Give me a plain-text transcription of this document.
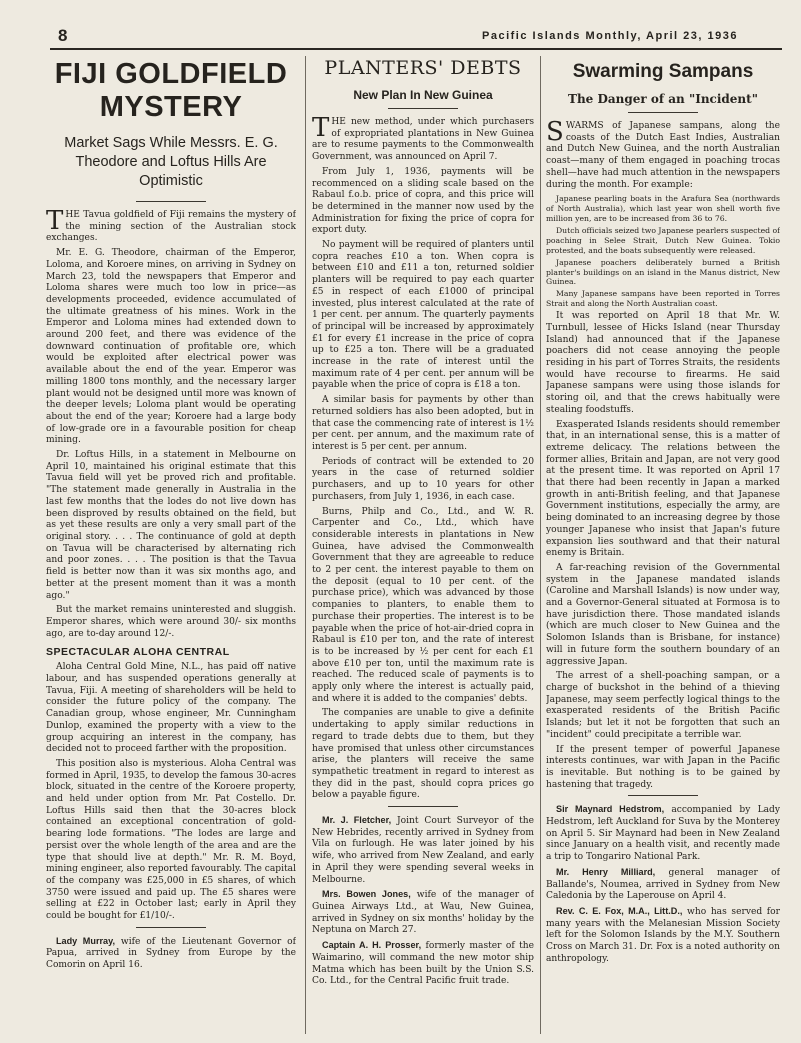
8	Pacific Islands Monthly, April 23, 1936
FIJI GOLDFIELD MYSTERY
Market Sags While Messrs. E. G. Theodore and Loftus Hills Are Optimistic

THE Tavua goldfield of Fiji remains the mystery of the mining section of the Australian stock exchanges.

Mr. E. G. Theodore, chairman of the Emperor, Loloma, and Koroere mines, on arriving in Sydney on March 23, told the newspapers that Emperor and Loloma shares were much too low in price—as developments proceeded, evidence accumulated of the ultimate greatness of his mines. Work in the Emperor and Loloma mines had extended down to around 200 feet, and there was evidence of the downward continuation of profitable ore, which would be exploited after electrical power was available about the end of the year. Emperor was milling 1800 tons monthly, and the necessary larger plant would not be designed until more was known of the deeper levels; Loloma plant would be operating about the end of the year; Koroere had a large body of low-grade ore in a favourable position for cheap mining.

Dr. Loftus Hills, in a statement in Melbourne on April 10, maintained his original estimate that this Tavua field will yet be proved rich and profitable. "The statement made generally in Australia in the last few months that the lodes do not live down has been disproved by results obtained on the field, but as yet these results are only a very small part of the original story. . . . The continuance of gold at depth on Tavua will be characterised by alternating rich and poor zones. . . . The position is that the Tavua field is better now than it was six months ago, and better at the present moment than it was a month ago."

But the market remains uninterested and sluggish. Emperor shares, which were around 30/- six months ago, are to-day around 12/-.

SPECTACULAR ALOHA CENTRAL

Aloha Central Gold Mine, N.L., has paid off native labour, and has suspended operations generally at Tavua, Fiji. A meeting of shareholders will be held to consider the future policy of the company. The Canadian group, whose engineer, Mr. Cunningham Dunlop, examined the property with a view to the group acquiring an interest in the company, has decided not to proceed farther with the proposition.

This position also is mysterious. Aloha Central was formed in April, 1935, to develop the famous 30-acres block, situated in the centre of the Koroere property, and held under option from Mr. Pat Costello. Dr. Loftus Hills said then that the 30-acres block contained an exceptional concentration of gold-bearing lode formations. "The lodes are large and persist over the whole length of the area and are the type that should live at depth." Mr. R. M. Boyd, mining engineer, also reported favourably. The capital of the company was £25,000 in £5 shares, of which 3750 were issued and paid up. The £5 shares were selling at £22 in October last; early in April they could be bought for £1/10/-.

Lady Murray, wife of the Lieutenant Governor of Papua, arrived in Sydney from Europe by the Comorin on April 16.

PLANTERS' DEBTS
New Plan In New Guinea

THE new method, under which purchasers of expropriated plantations in New Guinea are to resume payments to the Commonwealth Government, was announced on April 7.

From July 1, 1936, payments will be recommenced on a sliding scale based on the Rabaul f.o.b. price of copra, and this price will be determined in the manner now used by the Administration for fixing the price of copra for export duty.

No payment will be required of planters until copra reaches £10 a ton. When copra is between £10 and £11 a ton, returned soldier planters will be required to pay each quarter £5 in respect of each £1000 of principal invested, plus interest calculated at the rate of 1 per cent. per annum. The quarterly payments of principal will be increased by approximately £1 for every £1 increase in the price of copra up to £25 a ton. There will be a graduated increase in the rate of interest until the maximum rate of 4 per cent. per annum will be payable when the price of copra is £18 a ton.

A similar basis for payments by other than returned soldiers has also been adopted, but in that case the commencing rate of interest is 1½ per cent. per annum, and the maximum rate of interest is 5 per cent. per annum.

Periods of contract will be extended to 20 years in the case of returned soldier purchasers, and up to 10 years for other purchasers, from July 1, 1936, in each case.

Burns, Philp and Co., Ltd., and W. R. Carpenter and Co., Ltd., which have considerable interests in plantations in New Guinea, have advised the Commonwealth Government that they are agreeable to reduce to 2 per cent. the interest payable to them on the deposit (equal to 10 per cent. of the purchase price), which was advanced by those companies to planters, to enable them to purchase their properties. The interest is to be payable when the price of hot-air-dried copra in Rabaul is £10 per ton, and the rate of interest is to be increased by ½ per cent for each £1 above £10 per ton, until the maximum rate is reached. The reduced scale of payments is to apply only where the interest is actually paid, and where it is added to the companies' debts.

The companies are unable to give a definite undertaking to apply similar reductions in regard to trade debts due to them, but they have promised that unless other circumstances arise, the planters will receive the same sympathetic treatment in regard to interest as they did in the past, should copra prices go below a payable figure.

Mr. J. Fletcher, Joint Court Surveyor of the New Hebrides, recently arrived in Sydney from Vila on furlough. He was later joined by his wife, who arrived from New Zealand, and early in April they were spending several weeks in Melbourne.

Mrs. Bowen Jones, wife of the manager of Guinea Airways Ltd., at Wau, New Guinea, arrived in Sydney on six months' holiday by the Neptuna on March 27.

Captain A. H. Prosser, formerly master of the Waimarino, will command the new motor ship Matma which has been built by the Union S.S. Co. Ltd., for the Central Pacific fruit trade.

Swarming Sampans
The Danger of an "Incident"

SWARMS of Japanese sampans, along the coasts of the Dutch East Indies, Australian and Dutch New Guinea, and the north Australian coast—many of them engaged in poaching trocas shell—have had much attention in the newspapers during the month. For example:

Japanese pearling boats in the Arafura Sea (northwards of North Australia), which last year won shell worth five million yen, are to be increased from 36 to 76.

Dutch officials seized two Japanese pearlers suspected of poaching in Selee Strait, Dutch New Guinea. Tokio protested, and the boats subsequently were released.

Japanese poachers deliberately burned a British planter's buildings on an island in the Manus district, New Guinea.

Many Japanese sampans have been reported in Torres Strait and along the North Australian coast.

It was reported on April 18 that Mr. W. Turnbull, lessee of Hicks Island (near Thursday Island) had announced that if the Japanese poachers did not cease annoying the people residing in his part of Torres Straits, the residents would have recourse to firearms. He said Japanese sampans were using those islands for storing oil, and that the crews habitually were stealing foodstuffs.

Exasperated Islands residents should remember that, in an international sense, this is a matter of extreme delicacy. The relations between the former allies, Britain and Japan, are not very good at the present time. It was reported on April 17 that there had been recently in Japan a marked growth in anti-British feeling, and that Japanese Government institutions, especially the army, are being dominated to an increasing degree by those younger Japanese who insist that Japan's future expansion lies southward and that their natural enemy is Britain.

A far-reaching revision of the Governmental system in the Japanese mandated islands (Caroline and Marshall Islands) is now under way, and a Governor-General situated at Formosa is to have jurisdiction there. Those mandated islands (which are much closer to New Guinea and the Solomon Islands than is Brisbane, for instance) will in future form the southern boundary of an aggressive Japan.

The arrest of a shell-poaching sampan, or a charge of buckshot in the behind of a thieving Japanese, may seem perfectly logical things to the exasperated residents of the British Pacific Islands; but let it not be forgotten that such an "incident" could precipitate a terrible war.

If the present temper of powerful Japanese interests continues, war with Japan in the Pacific is inevitable. But nothing is to be gained by hastening that tragedy.

Sir Maynard Hedstrom, accompanied by Lady Hedstrom, left Auckland for Suva by the Monterey on April 5. Sir Maynard had been in New Zealand since January on a health visit, and recently made a trip to Tongariro National Park.

Mr. Henry Milliard, general manager of Ballande's, Noumea, arrived in Sydney from New Caledonia by the Laperouse on April 4.

Rev. C. E. Fox, M.A., Litt.D., who has served for many years with the Melanesian Mission Society left for the Solomon Islands by the M.Y. Southern Cross on March 31. Dr. Fox is a noted authority on anthropology.
